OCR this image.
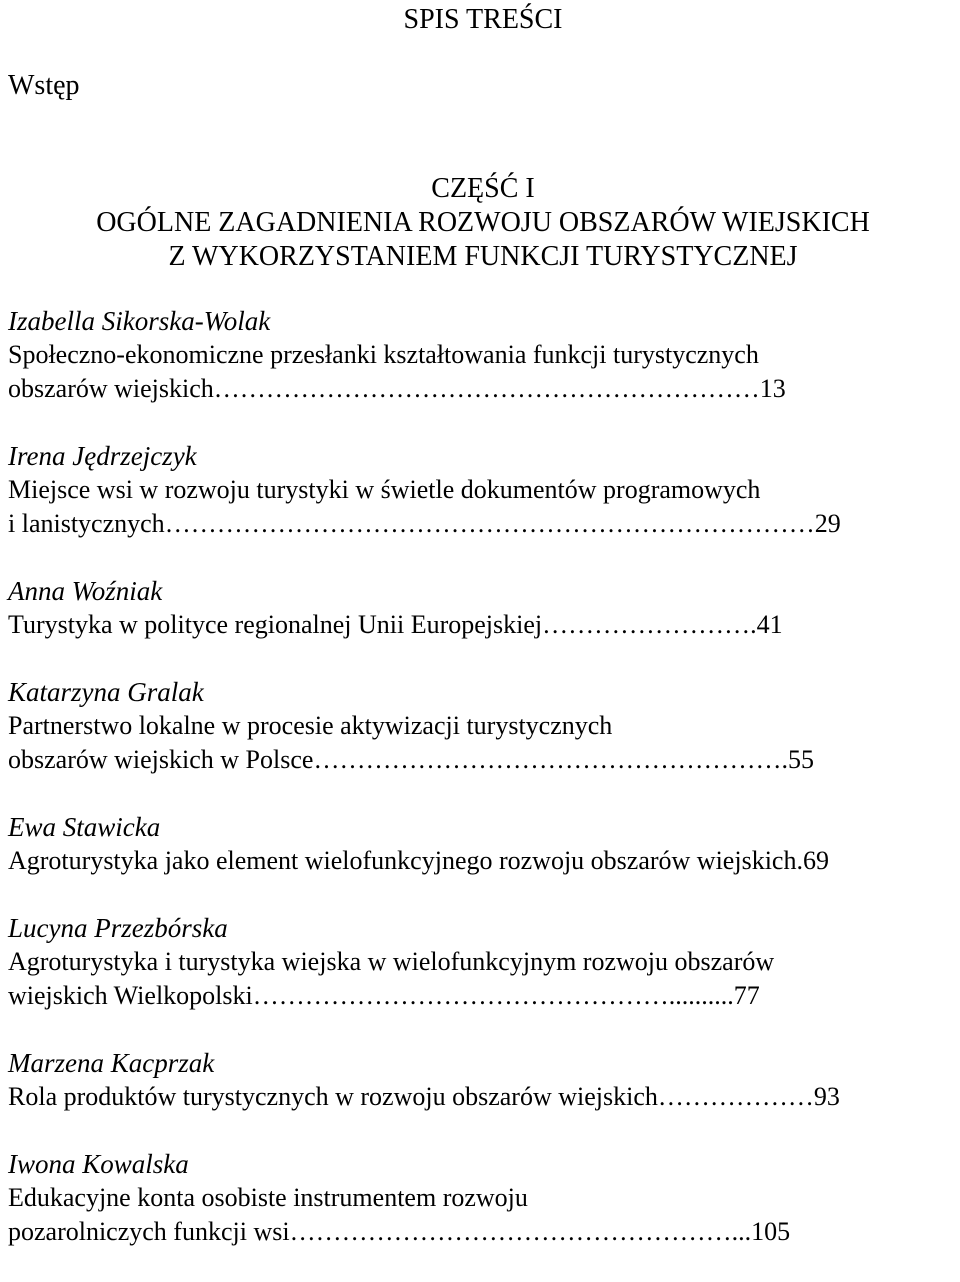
SPIS TREŚCI

Wstęp

CZĘŚĆ I
OGÓLNE ZAGADNIENIA ROZWOJU OBSZARÓW WIEJSKICH
Z WYKORZYSTANIEM FUNKCJI TURYSTYCZNEJ
Izabella Sikorska-Wolak
Społeczno-ekonomiczne przesłanki kształtowania funkcji turystycznych
obszarów wiejskich………………………………………………………13
Irena Jędrzejczyk
Miejsce wsi w rozwoju turystyki w świetle dokumentów programowych
i lanistycznych…………………………………………………………………29
Anna Woźniak
Turystyka w polityce regionalnej Unii Europejskiej…………………….41
Katarzyna Gralak
Partnerstwo lokalne w procesie aktywizacji turystycznych
obszarów wiejskich w Polsce……………………………………………….55
Ewa Stawicka
Agroturystyka jako element wielofunkcyjnego rozwoju obszarów wiejskich.69
Lucyna Przezbórska
Agroturystyka i turystyka wiejska w wielofunkcyjnym rozwoju obszarów
wiejskich Wielkopolski…………………………………………..........77
Marzena Kacprzak
Rola produktów turystycznych w rozwoju obszarów wiejskich………………93
Iwona Kowalska
Edukacyjne konta osobiste instrumentem rozwoju
pozarolniczych funkcji wsi……………………………………………...105
